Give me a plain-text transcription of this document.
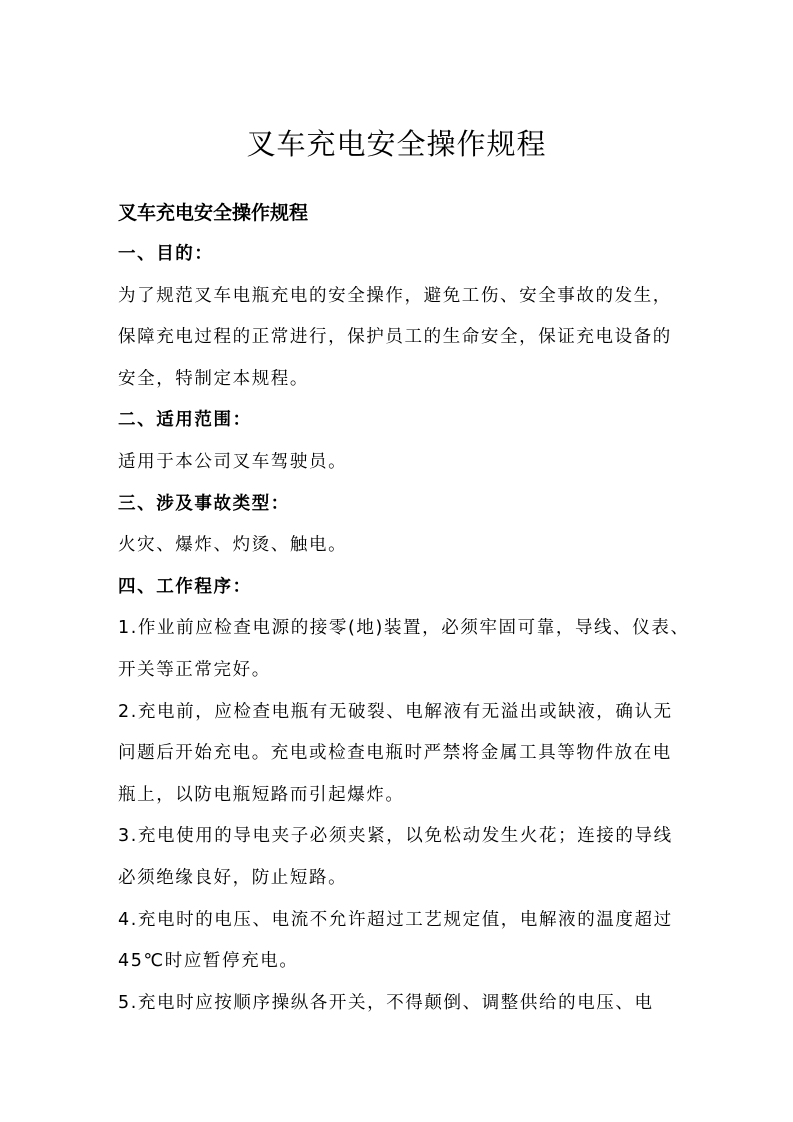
叉车充电安全操作规程
叉车充电安全操作规程
一、目的：
为了规范叉车电瓶充电的安全操作，避免工伤、安全事故的发生，
保障充电过程的正常进行，保护员工的生命安全，保证充电设备的
安全，特制定本规程。
二、适用范围：
适用于本公司叉车驾驶员。
三、涉及事故类型：
火灾、爆炸、灼烫、触电。
四、工作程序：
1.作业前应检查电源的接零(地)装置，必须牢固可靠，导线、仪表、
开关等正常完好。
2.充电前，应检查电瓶有无破裂、电解液有无溢出或缺液，确认无
问题后开始充电。充电或检查电瓶时严禁将金属工具等物件放在电
瓶上，以防电瓶短路而引起爆炸。
3.充电使用的导电夹子必须夹紧，以免松动发生火花；连接的导线
必须绝缘良好，防止短路。
4.充电时的电压、电流不允许超过工艺规定值，电解液的温度超过
45℃时应暂停充电。
5.充电时应按顺序操纵各开关，不得颠倒、调整供给的电压、电
